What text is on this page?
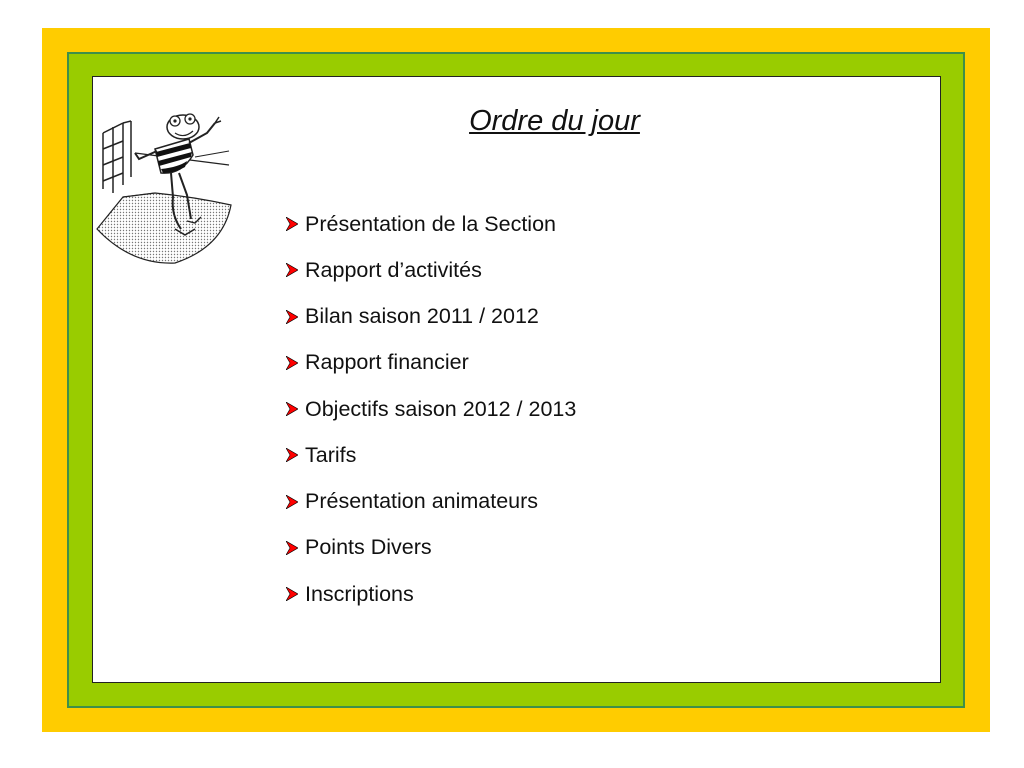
Ordre du jour
Présentation de la Section
Rapport d’activités
Bilan saison 2011 / 2012
Rapport financier
Objectifs saison 2012 / 2013
Tarifs
Présentation animateurs
Points Divers
Inscriptions
